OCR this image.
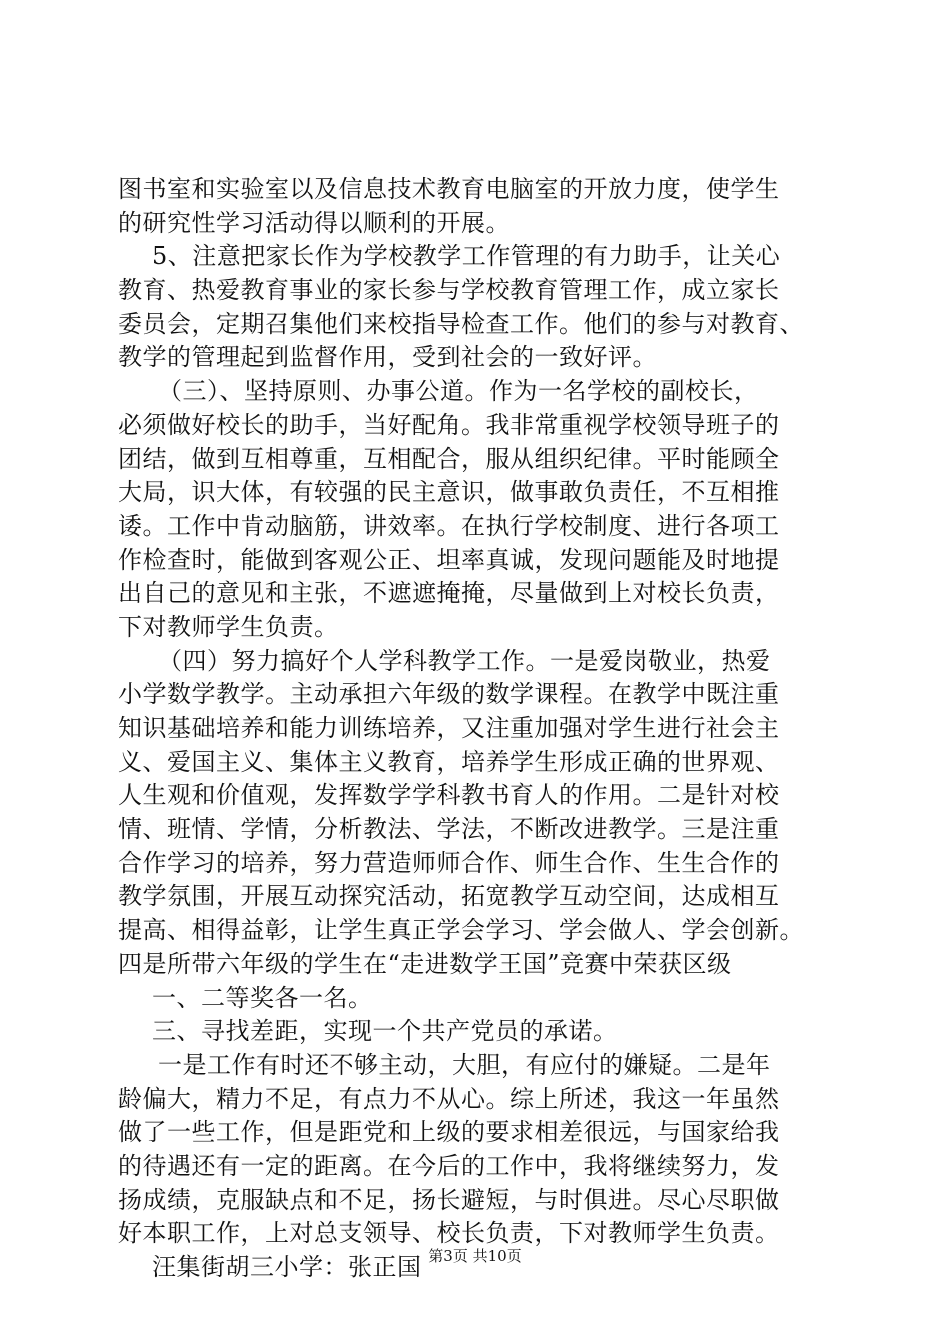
图书室和实验室以及信息技术教育电脑室的开放力度，使学生
的研究性学习活动得以顺利的开展。
5、注意把家长作为学校教学工作管理的有力助手，让关心
教育、热爱教育事业的家长参与学校教育管理工作，成立家长
委员会，定期召集他们来校指导检查工作。他们的参与对教育、
教学的管理起到监督作用，受到社会的一致好评。
（三）、坚持原则、办事公道。作为一名学校的副校长，
必须做好校长的助手，当好配角。我非常重视学校领导班子的
团结，做到互相尊重，互相配合，服从组织纪律。平时能顾全
大局，识大体，有较强的民主意识，做事敢负责任，不互相推
诿。工作中肯动脑筋，讲效率。在执行学校制度、进行各项工
作检查时，能做到客观公正、坦率真诚，发现问题能及时地提
出自己的意见和主张，不遮遮掩掩，尽量做到上对校长负责，
下对教师学生负责。
（四）努力搞好个人学科教学工作。一是爱岗敬业，热爱
小学数学教学。主动承担六年级的数学课程。在教学中既注重
知识基础培养和能力训练培养，又注重加强对学生进行社会主
义、爱国主义、集体主义教育，培养学生形成正确的世界观、
人生观和价值观，发挥数学学科教书育人的作用。二是针对校
情、班情、学情，分析教法、学法，不断改进教学。三是注重
合作学习的培养，努力营造师师合作、师生合作、生生合作的
教学氛围，开展互动探究活动，拓宽教学互动空间，达成相互
提高、相得益彰，让学生真正学会学习、学会做人、学会创新。
四是所带六年级的学生在“走进数学王国”竞赛中荣获区级
一、二等奖各一名。
三、寻找差距，实现一个共产党员的承诺。
一是工作有时还不够主动，大胆，有应付的嫌疑。二是年
龄偏大，精力不足，有点力不从心。综上所述，我这一年虽然
做了一些工作，但是距党和上级的要求相差很远，与国家给我
的待遇还有一定的距离。在今后的工作中，我将继续努力，发
扬成绩，克服缺点和不足，扬长避短，与时俱进。尽心尽职做
好本职工作，上对总支领导、校长负责，下对教师学生负责。
汪集街胡三小学：张正国 第3页 共10页
